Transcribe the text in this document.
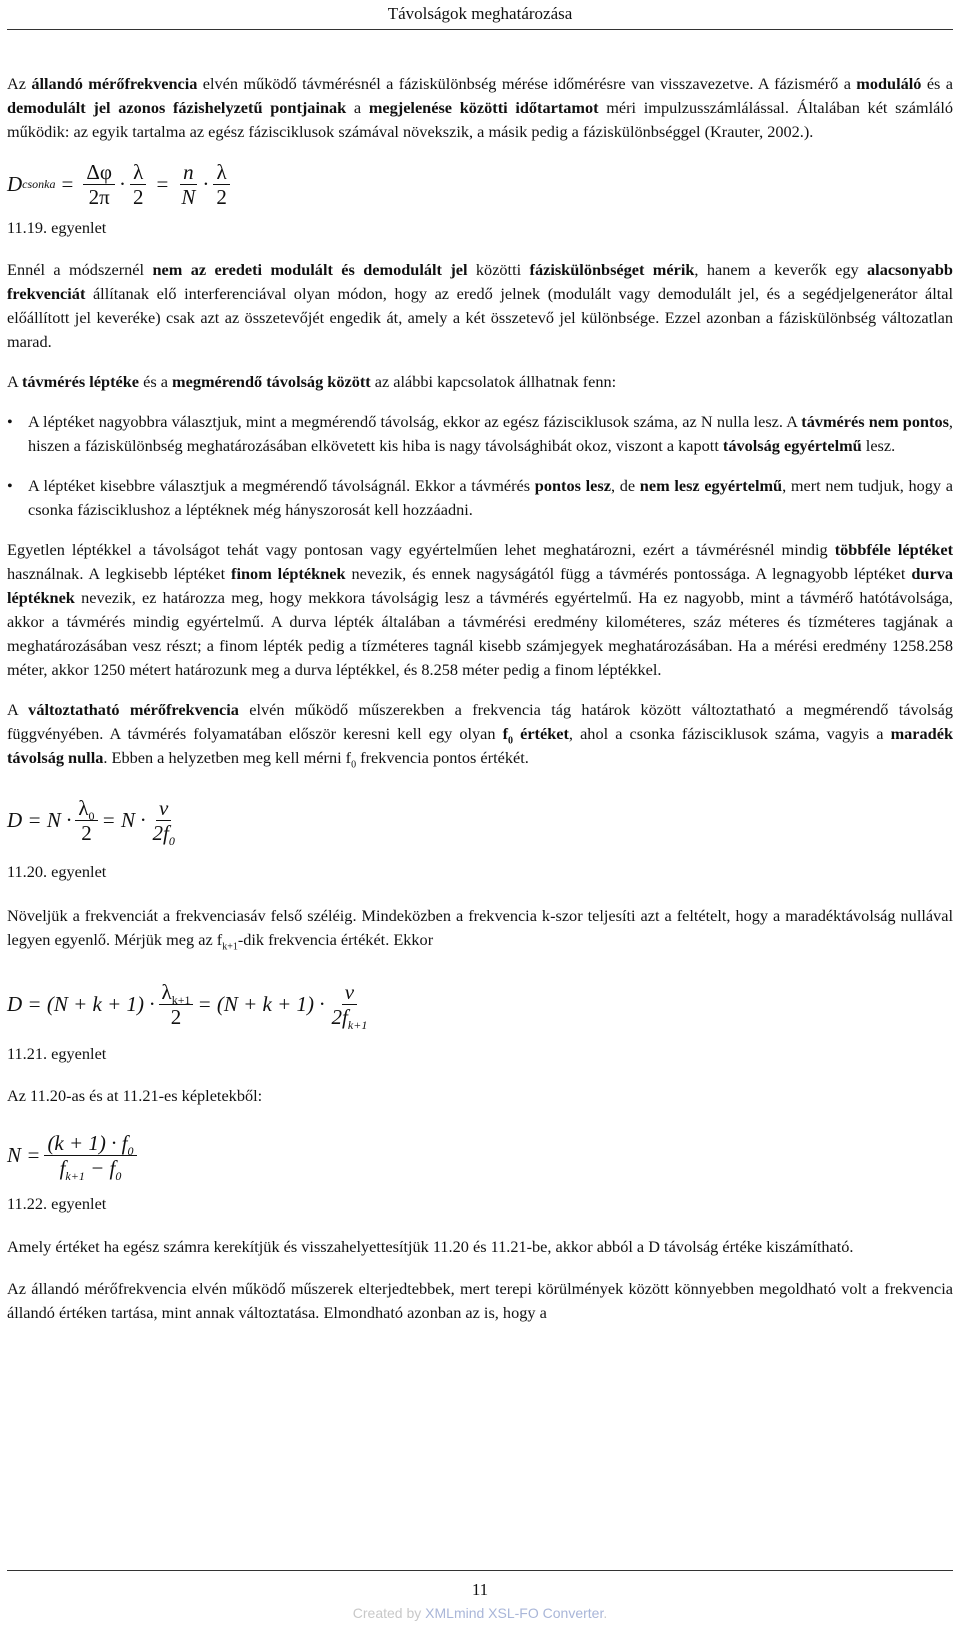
Távolságok meghatározása

Az állandó mérőfrekvencia elvén működő távmérésnél a fáziskülönbség mérése időmérésre van visszavezetve. A fázismérő a moduláló és a demodulált jel azonos fázishelyzetű pontjainak a megjelenése közötti időtartamot méri impulzusszámlálással. Általában két számláló működik: az egyik tartalma az egész fázisciklusok számával növekszik, a másik pedig a fáziskülönbséggel (Krauter, 2002.).

D csonka = $\frac{\Delta\varphi}{2\pi} \cdot \frac{\lambda}{2} = \frac{n}{N} \cdot \frac{\lambda}{2}$
11.19. egyenlet

Ennél a módszernél nem az eredeti modulált és demodulált jel közötti fáziskülönbséget mérik, hanem a keverők egy alacsonyabb frekvenciát állítanak elő interferenciával olyan módon, hogy az eredő jelnek (modulált vagy demodulált jel, és a segédjelgenerátor által előállított jel keveréke) csak azt az összetevőjét engedik át, amely a két összetevő jel különbsége. Ezzel azonban a fáziskülönbség változatlan marad.

A távmérés léptéke és a megmérendő távolság között az alábbi kapcsolatok állhatnak fenn:

• A léptéket nagyobbra választjuk, mint a megmérendő távolság, ekkor az egész fázisciklusok száma, az N nulla lesz. A távmérés nem pontos, hiszen a fáziskülönbség meghatározásában elkövetett kis hiba is nagy távolsághibát okoz, viszont a kapott távolság egyértelmű lesz.

• A léptéket kisebbre választjuk a megmérendő távolságnál. Ekkor a távmérés pontos lesz, de nem lesz egyértelmű, mert nem tudjuk, hogy a csonka fázisciklushoz a léptéknek még hányszorosát kell hozzáadni.

Egyetlen léptékkel a távolságot tehát vagy pontosan vagy egyértelműen lehet meghatározni, ezért a távmérésnél mindig többféle léptéket használnak. A legkisebb léptéket finom léptéknek nevezik, és ennek nagyságától függ a távmérés pontossága. A legnagyobb léptéket durva léptéknek nevezik, ez határozza meg, hogy mekkora távolságig lesz a távmérés egyértelmű. Ha ez nagyobb, mint a távmérő hatótávolsága, akkor a távmérés mindig egyértelmű. A durva lépték általában a távmérési eredmény kilométeres, száz méteres és tízméteres tagjának a meghatározásában vesz részt; a finom lépték pedig a tízméteres tagnál kisebb számjegyek meghatározásában. Ha a mérési eredmény 1258.258 méter, akkor 1250 métert határozunk meg a durva léptékkel, és 8.258 méter pedig a finom léptékkel.

A változtatható mérőfrekvencia elvén működő műszerekben a frekvencia tág határok között változtatható a megmérendő távolság függvényében. A távmérés folyamatában először keresni kell egy olyan $f_0$ értéket, ahol a csonka fázisciklusok száma, vagyis a maradék távolság nulla. Ebben a helyzetben meg kell mérni $f_0$ frekvencia pontos értékét.

$D = N \cdot \frac{\lambda_0}{2} = N \cdot \frac{v}{2f_0}$
11.20. egyenlet

Növeljük a frekvenciát a frekvenciasáv felső széléig. Mindeközben a frekvencia k-szor teljesíti azt a feltételt, hogy a maradéktávolság nullával legyen egyenlő. Mérjük meg az $f_{k+1}$-dik frekvencia értékét. Ekkor

$D = (N + k + 1) \cdot \frac{\lambda_{k+1}}{2} = (N + k + 1) \cdot \frac{v}{2f_{k+1}}$
11.21. egyenlet

Az 11.20-as és at 11.21-es képletekből:

$N = \frac{(k + 1) \cdot f_0}{f_{k+1} - f_0}$
11.22. egyenlet

Amely értéket ha egész számra kerekítjük és visszahelyettesítjük 11.20 és 11.21-be, akkor abból a D távolság értéke kiszámítható.

Az állandó mérőfrekvencia elvén működő műszerek elterjedtebbek, mert terepi körülmények között könnyebben megoldható volt a frekvencia állandó értéken tartása, mint annak változtatása. Elmondható azonban az is, hogy a

11
Created by XMLmind XSL-FO Converter.
